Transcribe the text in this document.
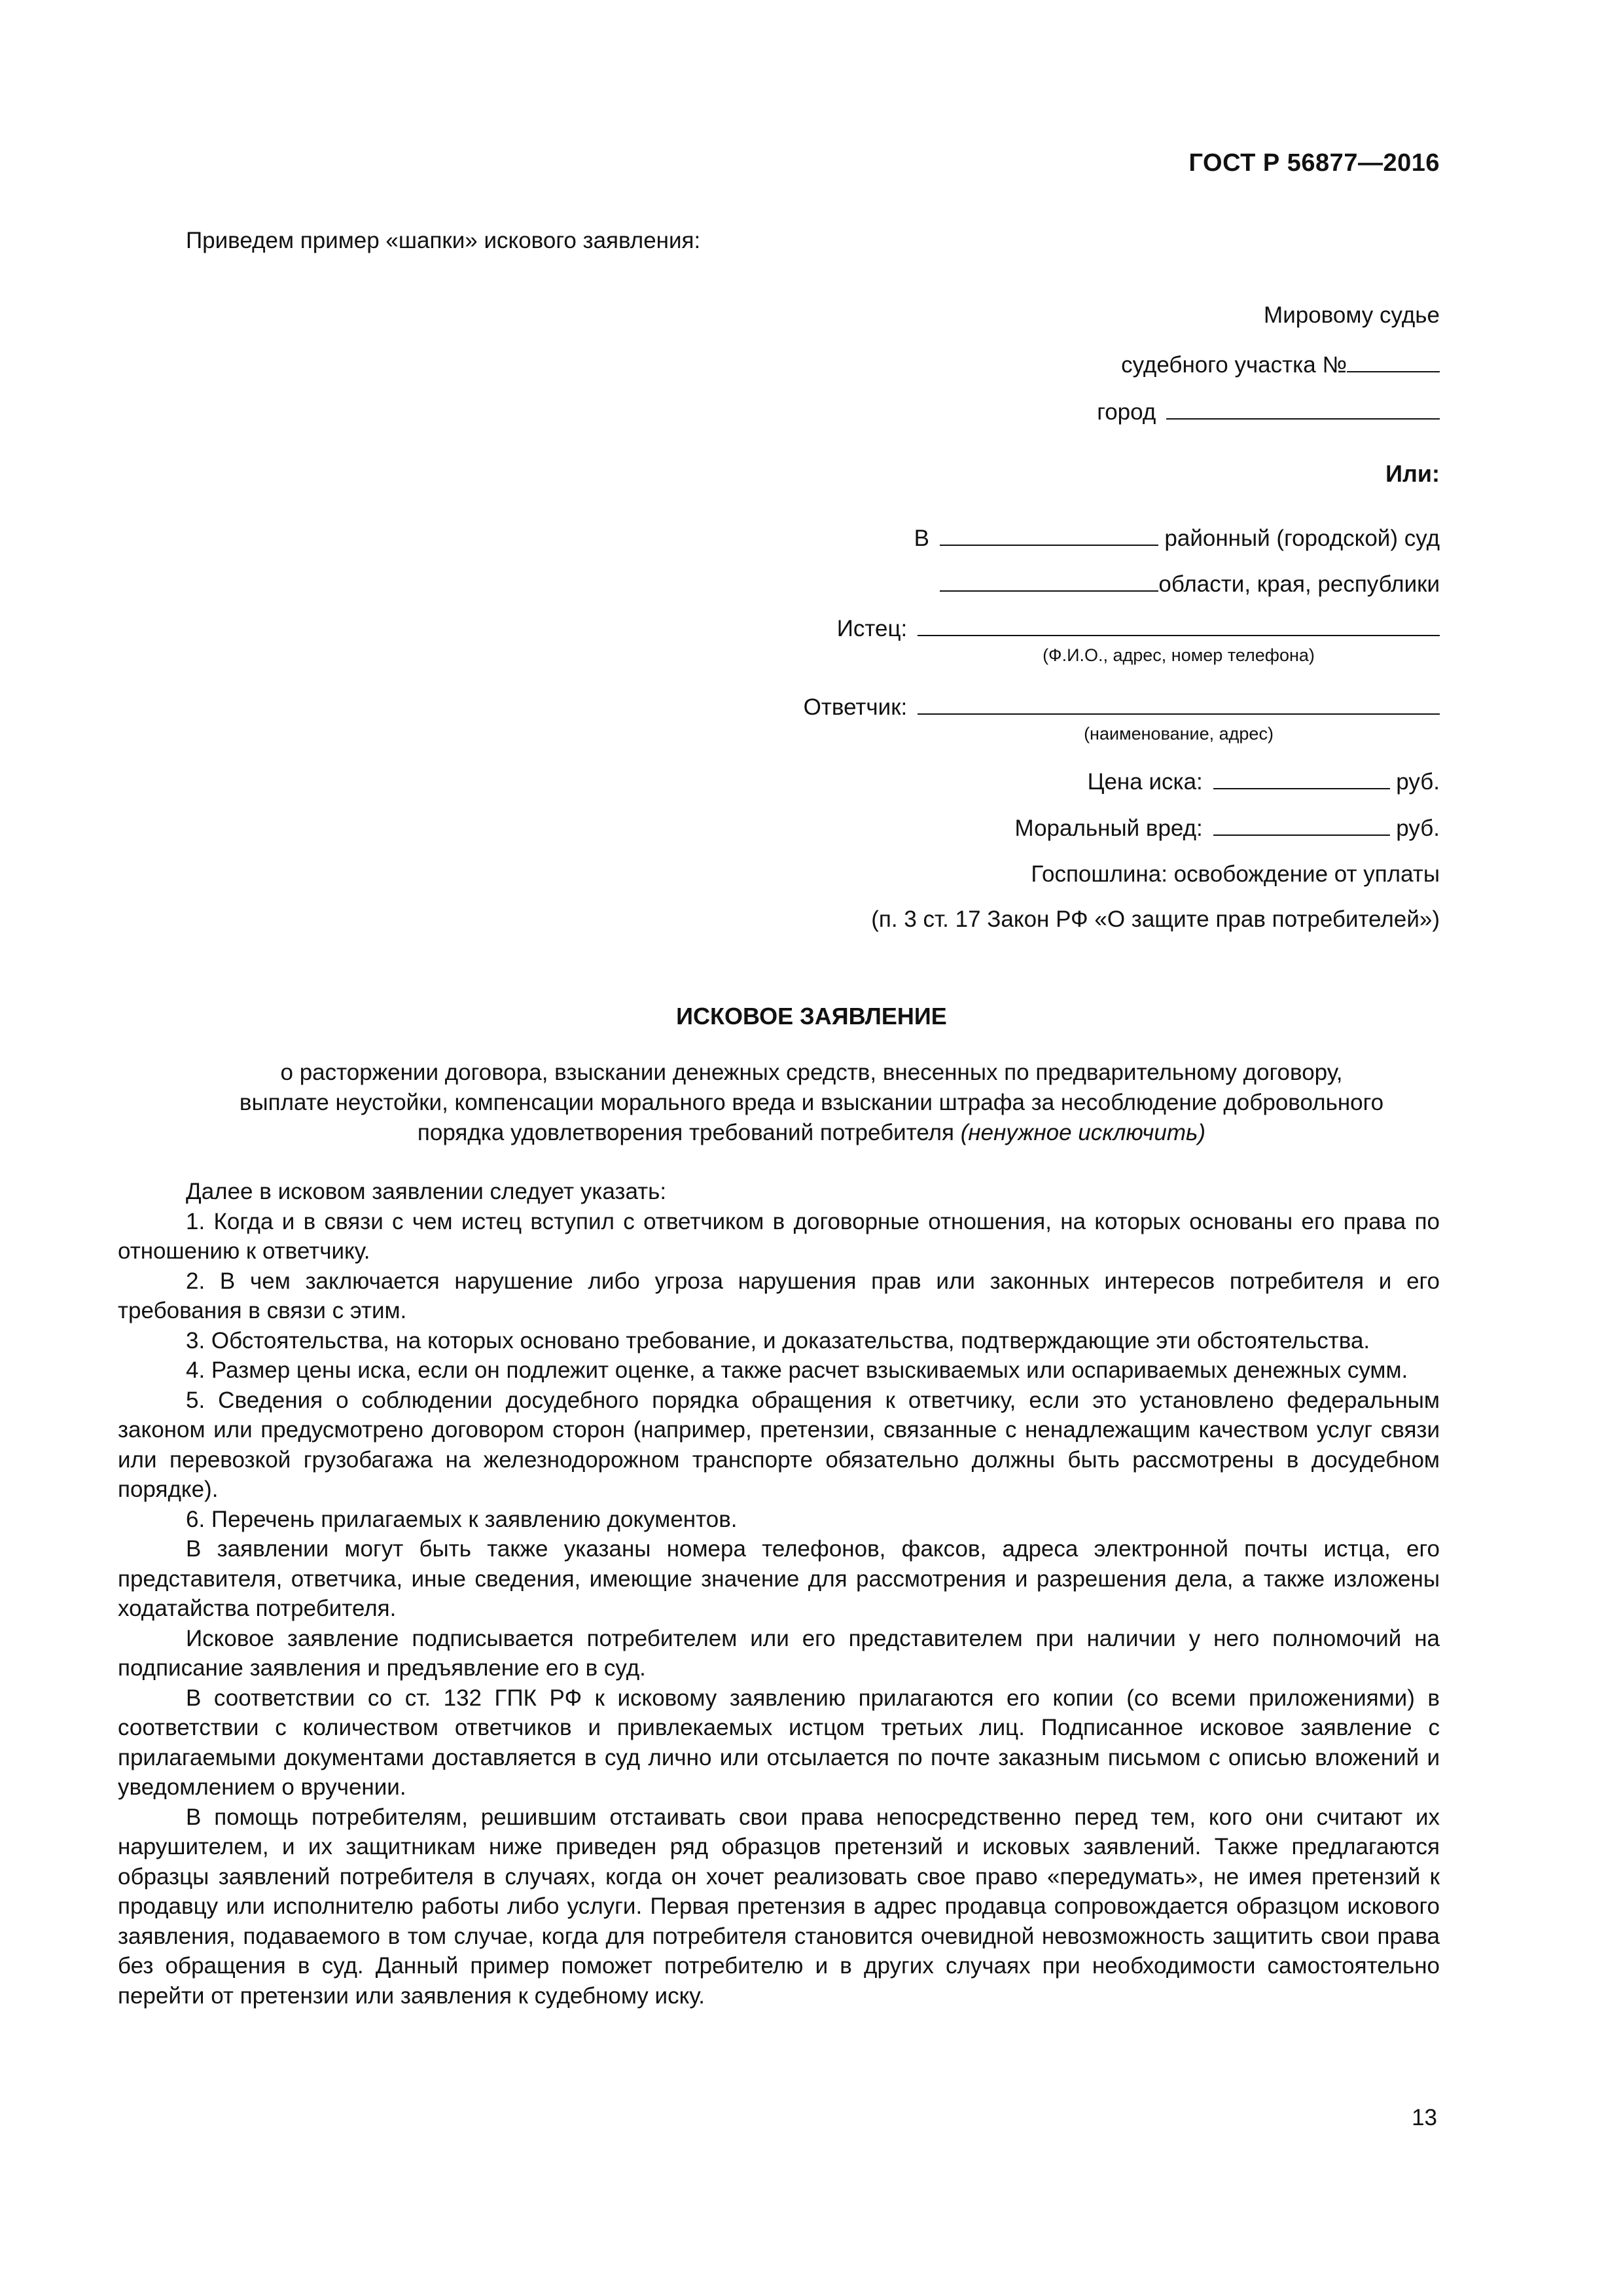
ГОСТ Р 56877—2016
Приведем пример «шапки» искового заявления:
Мировому судье
судебного участка №
город
Или:
В	районный (городской) суд
области, края, республики
Истец:
(Ф.И.О., адрес, номер телефона)
Ответчик:
(наименование, адрес)
Цена иска:	руб.
Моральный вред:	руб.
Госпошлина: освобождение от уплаты
(п. 3 ст. 17 Закон РФ «О защите прав потребителей»)
ИСКОВОЕ ЗАЯВЛЕНИЕ
о расторжении договора, взыскании денежных средств, внесенных по предварительному договору,
выплате неустойки, компенсации морального вреда и взыскании штрафа за несоблюдение добровольного
порядка удовлетворения требований потребителя (ненужное исключить)

Далее в исковом заявлении следует указать:

1. Когда и в связи с чем истец вступил с ответчиком в договорные отношения, на которых основаны его права по отношению к ответчику.

2. В чем заключается нарушение либо угроза нарушения прав или законных интересов потребителя и его требования в связи с этим.

3. Обстоятельства, на которых основано требование, и доказательства, подтверждающие эти обстоятельства.

4. Размер цены иска, если он подлежит оценке, а также расчет взыскиваемых или оспариваемых денежных сумм.

5. Сведения о соблюдении досудебного порядка обращения к ответчику, если это установлено федеральным законом или предусмотрено договором сторон (например, претензии, связанные с ненадлежащим качеством услуг связи или перевозкой грузобагажа на железнодорожном транспорте обязательно должны быть рассмотрены в досудебном порядке).

6. Перечень прилагаемых к заявлению документов.

В заявлении могут быть также указаны номера телефонов, факсов, адреса электронной почты истца, его представителя, ответчика, иные сведения, имеющие значение для рассмотрения и разрешения дела, а также изложены ходатайства потребителя.

Исковое заявление подписывается потребителем или его представителем при наличии у него полномочий на подписание заявления и предъявление его в суд.

В соответствии со ст. 132 ГПК РФ к исковому заявлению прилагаются его копии (со всеми приложениями) в соответствии с количеством ответчиков и привлекаемых истцом третьих лиц. Подписанное исковое заявление с прилагаемыми документами доставляется в суд лично или отсылается по почте заказным письмом с описью вложений и уведомлением о вручении.

В помощь потребителям, решившим отстаивать свои права непосредственно перед тем, кого они считают их нарушителем, и их защитникам ниже приведен ряд образцов претензий и исковых заявлений. Также предлагаются образцы заявлений потребителя в случаях, когда он хочет реализовать свое право «передумать», не имея претензий к продавцу или исполнителю работы либо услуги. Первая претензия в адрес продавца сопровождается образцом искового заявления, подаваемого в том случае, когда для потребителя становится очевидной невозможность защитить свои права без обращения в суд. Данный пример поможет потребителю и в других случаях при необходимости самостоятельно перейти от претензии или заявления к судебному иску.

13
